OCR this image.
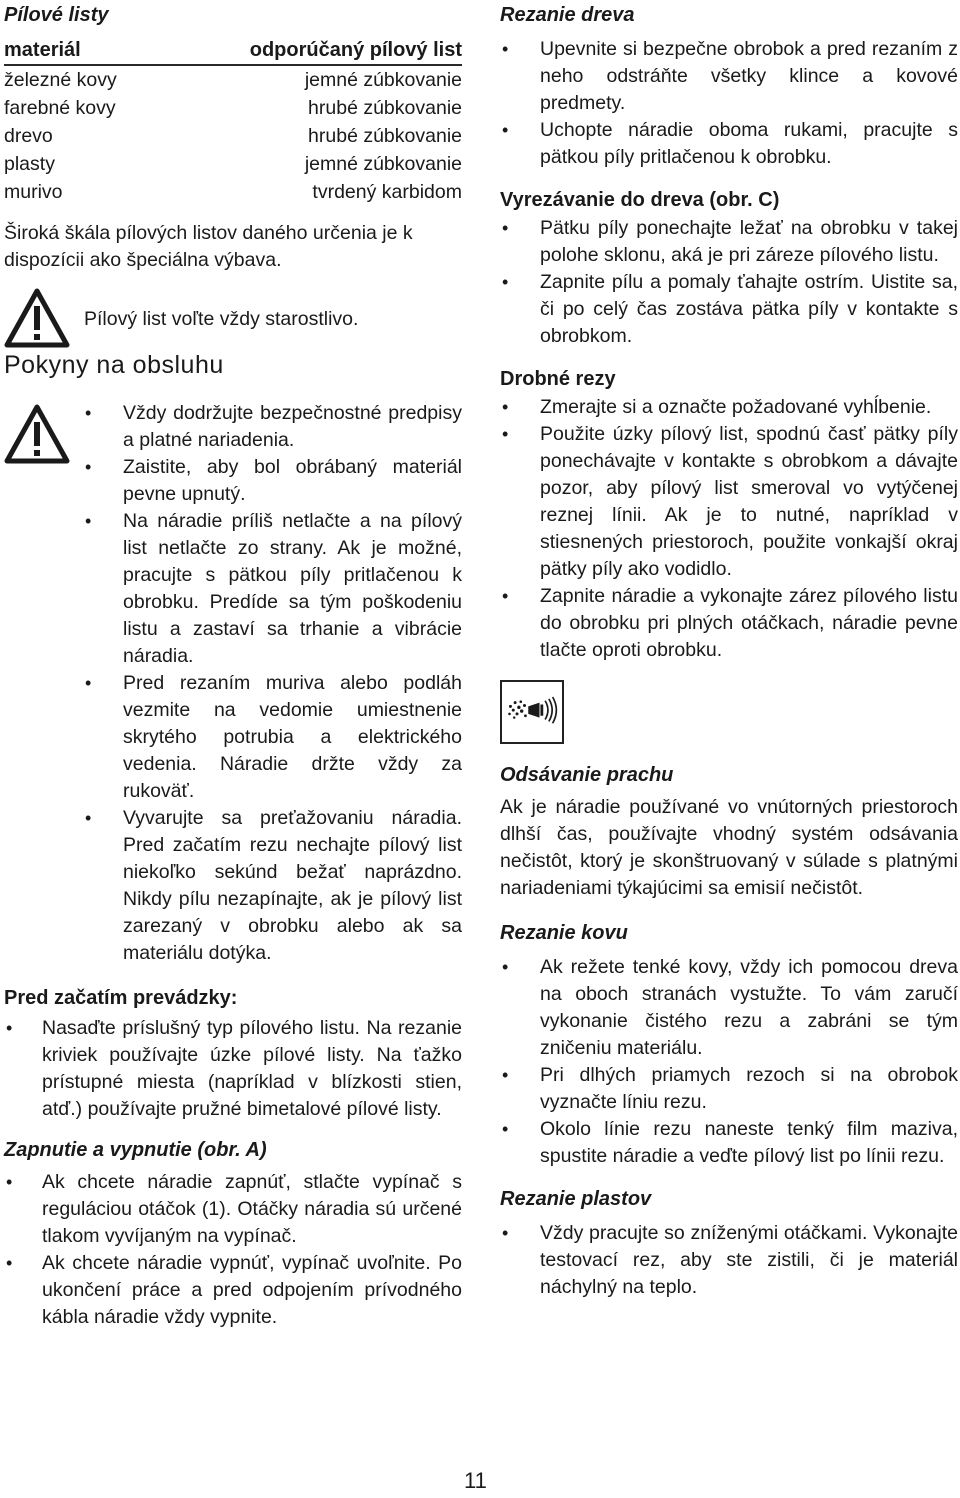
Pílové listy
materiál	odporúčaný pílový list
železné kovy	jemné zúbkovanie
farebné kovy	hrubé zúbkovanie
drevo	hrubé zúbkovanie
plasty	jemné zúbkovanie
murivo	tvrdený karbidom
Široká škála pílových listov daného určenia je k dispozícii ako špeciálna výbava.
Pílový list voľte vždy starostlivo.
Pokyny na obsluhu
• Vždy dodržujte bezpečnostné predpisy a platné nariadenia.
• Zaistite, aby bol obrábaný materiál pevne upnutý.
• Na náradie príliš netlačte a na pílový list netlačte zo strany. Ak je možné, pracujte s pätkou píly pritlačenou k obrobku. Predíde sa tým poškodeniu listu a zastaví sa trhanie a vibrácie náradia.
• Pred rezaním muriva alebo podláh vezmite na vedomie umiestnenie skrytého potrubia a elektrického vedenia. Náradie držte vždy za rukoväť.
• Vyvarujte sa preťažovaniu náradia. Pred začatím rezu nechajte pílový list niekoľko sekúnd bežať naprázdno. Nikdy pílu nezapínajte, ak je pílový list zarezaný v obrobku alebo ak sa materiálu dotýka.
Pred začatím prevádzky:
• Nasaďte príslušný typ pílového listu. Na rezanie kriviek používajte úzke pílové listy. Na ťažko prístupné miesta (napríklad v blízkosti stien, atď.) používajte pružné bimetalové pílové listy.
Zapnutie a vypnutie (obr. A)
• Ak chcete náradie zapnúť, stlačte vypínač s reguláciou otáčok (1). Otáčky náradia sú určené tlakom vyvíjaným na vypínač.
• Ak chcete náradie vypnúť, vypínač uvoľnite. Po ukončení práce a pred odpojením prívodného kábla náradie vždy vypnite.
Rezanie dreva
• Upevnite si bezpečne obrobok a pred rezaním z neho odstráňte všetky klince a kovové predmety.
• Uchopte náradie oboma rukami, pracujte s pätkou píly pritlačenou k obrobku.
Vyrezávanie do dreva (obr. C)
• Pätku píly ponechajte ležať na obrobku v takej polohe sklonu, aká je pri záreze pílového listu.
• Zapnite pílu a pomaly ťahajte ostrím. Uistite sa, či po celý čas zostáva pätka píly v kontakte s obrobkom.
Drobné rezy
• Zmerajte si a označte požadované vyhĺbenie.
• Použite úzky pílový list, spodnú časť pätky píly ponechávajte v kontakte s obrobkom a dávajte pozor, aby pílový list smeroval vo vytýčenej reznej línii. Ak je to nutné, napríklad v stiesnených priestoroch, použite vonkajší okraj pätky píly ako vodidlo.
• Zapnite náradie a vykonajte zárez pílového listu do obrobku pri plných otáčkach, náradie pevne tlačte oproti obrobku.
Odsávanie prachu
Ak je náradie používané vo vnútorných priestoroch dlhší čas, používajte vhodný systém odsávania nečistôt, ktorý je skonštruovaný v súlade s platnými nariadeniami týkajúcimi sa emisií nečistôt.
Rezanie kovu
• Ak režete tenké kovy, vždy ich pomocou dreva na oboch stranách vystužte. To vám zaručí vykonanie čistého rezu a zabráni se tým zničeniu materiálu.
• Pri dlhých priamych rezoch si na obrobok vyznačte líniu rezu.
• Okolo línie rezu naneste tenký film maziva, spustite náradie a veďte pílový list po línii rezu.
Rezanie plastov
• Vždy pracujte so zníženými otáčkami. Vykonajte testovací rez, aby ste zistili, či je materiál náchylný na teplo.
11
